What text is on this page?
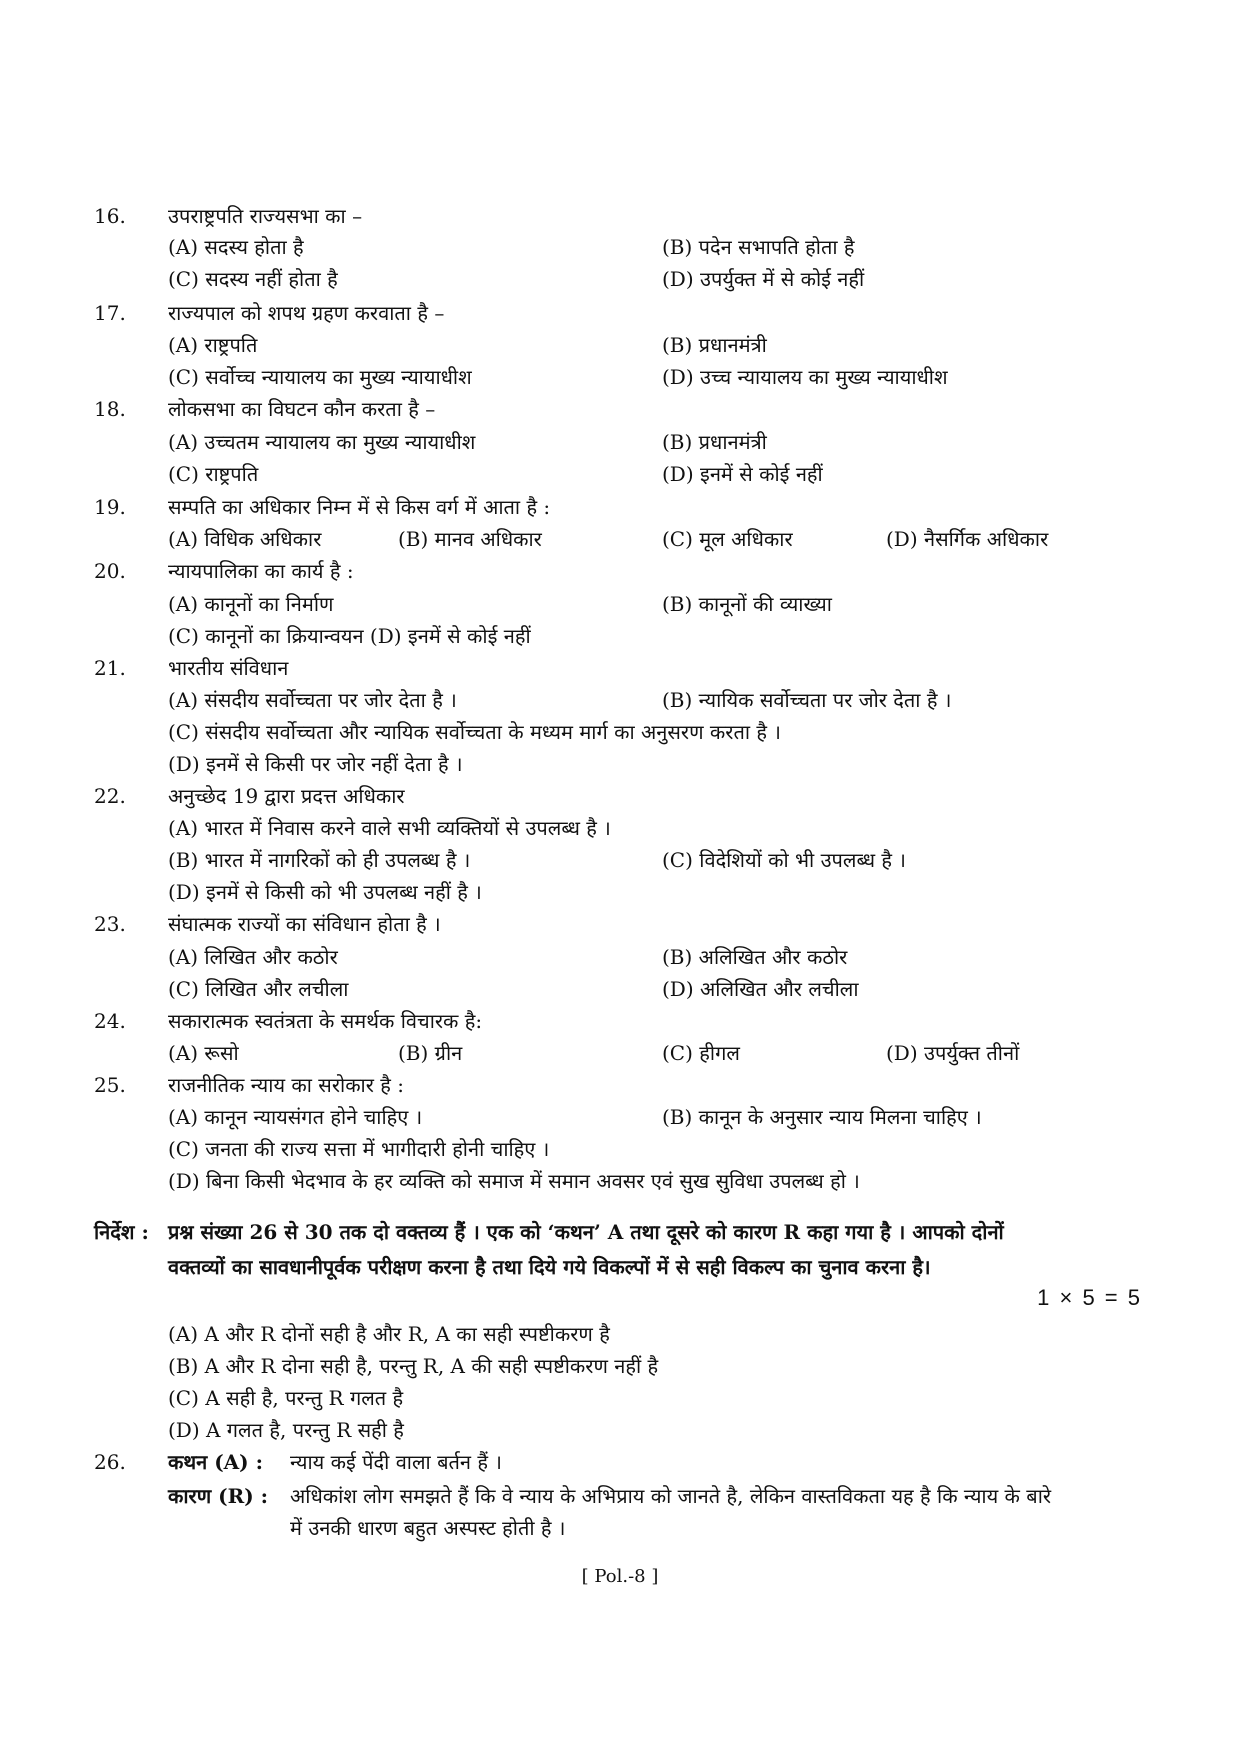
16. उपराष्ट्रपति राज्यसभा का –
(A) सदस्य होता है	(B) पदेन सभापति होता है
(C) सदस्य नहीं होता है	(D) उपर्युक्त में से कोई नहीं
17. राज्यपाल को शपथ ग्रहण करवाता है –
(A) राष्ट्रपति	(B) प्रधानमंत्री
(C) सर्वोच्च न्यायालय का मुख्य न्यायाधीश	(D) उच्च न्यायालय का मुख्य न्यायाधीश
18. लोकसभा का विघटन कौन करता है –
(A) उच्चतम न्यायालय का मुख्य न्यायाधीश	(B) प्रधानमंत्री
(C) राष्ट्रपति	(D) इनमें से कोई नहीं
19. सम्पति का अधिकार निम्न में से किस वर्ग में आता है :
(A) विधिक अधिकार	(B) मानव अधिकार	(C) मूल अधिकार	(D) नैसर्गिक अधिकार
20. न्यायपालिका का कार्य है :
(A) कानूनों का निर्माण	(B) कानूनों की व्याख्या
(C) कानूनों का क्रियान्वयन (D) इनमें से कोई नहीं
21. भारतीय संविधान
(A) संसदीय सर्वोच्चता पर जोर देता है ।	(B) न्यायिक सर्वोच्चता पर जोर देता है ।
(C) संसदीय सर्वोच्चता और न्यायिक सर्वोच्चता के मध्यम मार्ग का अनुसरण करता है ।
(D) इनमें से किसी पर जोर नहीं देता है ।
22. अनुच्छेद 19 द्वारा प्रदत्त अधिकार
(A) भारत में निवास करने वाले सभी व्यक्तियों से उपलब्ध है ।
(B) भारत में नागरिकों को ही उपलब्ध है ।	(C) विदेशियों को भी उपलब्ध है ।
(D) इनमें से किसी को भी उपलब्ध नहीं है ।
23. संघात्मक राज्यों का संविधान होता है ।
(A) लिखित और कठोर	(B) अलिखित और कठोर
(C) लिखित और लचीला	(D) अलिखित और लचीला
24. सकारात्मक स्वतंत्रता के समर्थक विचारक है:
(A) रूसो	(B) ग्रीन	(C) हीगल	(D) उपर्युक्त तीनों
25. राजनीतिक न्याय का सरोकार है :
(A) कानून न्यायसंगत होने चाहिए ।	(B) कानून के अनुसार न्याय मिलना चाहिए ।
(C) जनता की राज्य सत्ता में भागीदारी होनी चाहिए ।
(D) बिना किसी भेदभाव के हर व्यक्ति को समाज में समान अवसर एवं सुख सुविधा उपलब्ध हो ।
निर्देश : प्रश्न संख्या 26 से 30 तक दो वक्तव्य हैं । एक को ‘कथन’ A तथा दूसरे को कारण R कहा गया है । आपको दोनों
वक्तव्यों का सावधानीपूर्वक परीक्षण करना है तथा दिये गये विकल्पों में से सही विकल्प का चुनाव करना है।
1 × 5 = 5
(A) A और R दोनों सही है और R, A का सही स्पष्टीकरण है
(B) A और R दोना सही है, परन्तु R, A की सही स्पष्टीकरण नहीं है
(C) A सही है, परन्तु R गलत है
(D) A गलत है, परन्तु R सही है
26. कथन (A) : न्याय कई पेंदी वाला बर्तन हैं ।
कारण (R) : अधिकांश लोग समझते हैं कि वे न्याय के अभिप्राय को जानते है, लेकिन वास्तविकता यह है कि न्याय के बारे
में उनकी धारण बहुत अस्पस्ट होती है ।
[ Pol.-8 ]
